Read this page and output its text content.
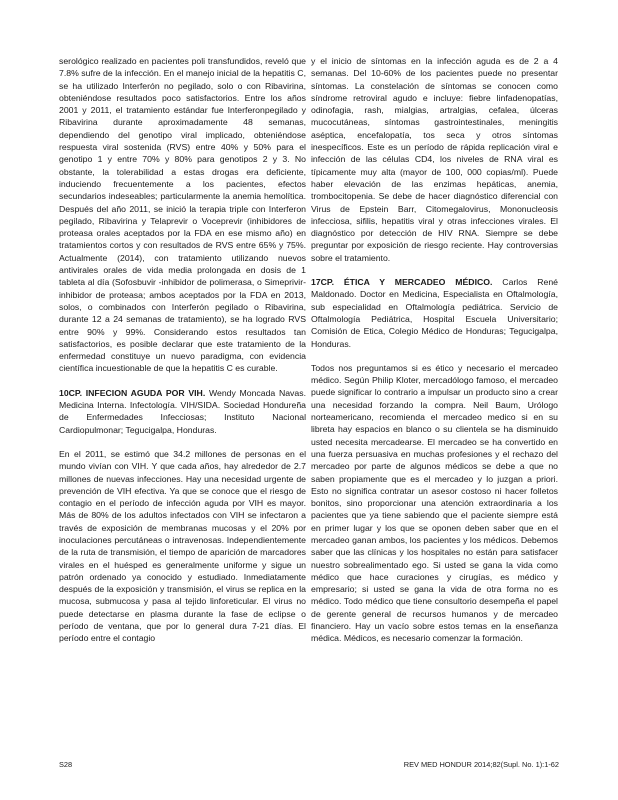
serológico realizado en pacientes poli transfundidos, reveló que 7.8% sufre de la infección. En el manejo inicial de la hepatitis C, se ha utilizado Interferón no pegilado, solo o con Ribavirina, obteniéndose resultados poco satisfactorios. Entre los años 2001 y 2011, el tratamiento estándar fue Interferonpegilado y Ribavirina durante aproximadamente 48 semanas, dependiendo del genotipo viral implicado, obteniéndose respuesta viral sostenida (RVS) entre 40% y 50% para el genotipo 1 y entre 70% y 80% para genotipos 2 y 3. No obstante, la tolerabilidad a estas drogas era deficiente, induciendo frecuentemente a los pacientes, efectos secundarios indeseables; particularmente la anemia hemolítica. Después del año 2011, se inició la terapia triple con Interferon pegilado, Ribavirina y Telaprevir o Voceprevir (inhibidores de proteasa orales aceptados por la FDA en ese mismo año) en tratamientos cortos y con resultados de RVS entre 65% y 75%. Actualmente (2014), con tratamiento utilizando nuevos antivirales orales de vida media prolongada en dosis de 1 tableta al día (Sofosbuvir -inhibidor de polimerasa, o Simeprivir-inhibidor de proteasa; ambos aceptados por la FDA en 2013, solos, o combinados con Interferón pegilado o Ribavirina, durante 12 a 24 semanas de tratamiento), se ha logrado RVS entre 90% y 99%. Considerando estos resultados tan satisfactorios, es posible declarar que este tratamiento de la enfermedad constituye un nuevo paradigma, con evidencia científica incuestionable de que la hepatitis C es curable.

10CP. INFECION AGUDA POR VIH. Wendy Moncada Navas. Medicina Interna. Infectología. VIH/SIDA. Sociedad Hondureña de Enfermedades Infecciosas; Instituto Nacional Cardiopulmonar; Tegucigalpa, Honduras.

En el 2011, se estimó que 34.2 millones de personas en el mundo vivían con VIH. Y que cada años, hay alrededor de 2.7 millones de nuevas infecciones. Hay una necesidad urgente de prevención de VIH efectiva. Ya que se conoce que el riesgo de contagio en el período de infección aguda por VIH es mayor. Más de 80% de los adultos infectados con VIH se infectaron a través de exposición de membranas mucosas y el 20% por inoculaciones percutáneas o intravenosas. Independientemente de la ruta de transmisión, el tiempo de aparición de marcadores virales en el huésped es generalmente uniforme y sigue un patrón ordenado ya conocido y estudiado. Inmediatamente después de la exposición y transmisión, el virus se replica en la mucosa, submucosa y pasa al tejido linforeticular. El virus no puede detectarse en plasma durante la fase de eclipse o período de ventana, que por lo general dura 7-21 días. El período entre el contagio

y el inicio de síntomas en la infección aguda es de 2 a 4 semanas. Del 10-60% de los pacientes puede no presentar síntomas. La constelación de síntomas se conocen como síndrome retroviral agudo e incluye: fiebre linfadenopatías, odinofagia, rash, mialgias, artralgias, cefalea, úlceras mucocutáneas, síntomas gastrointestinales, meningitis aséptica, encefalopatía, tos seca y otros síntomas inespecíficos. Este es un período de rápida replicación viral e infección de las células CD4, los niveles de RNA viral es típicamente muy alta (mayor de 100, 000 copias/ml). Puede haber elevación de las enzimas hepáticas, anemia, trombocitopenia. Se debe de hacer diagnóstico diferencial con Virus de Epstein Barr, Citomegalovirus, Mononucleosis infecciosa, sifilis, hepatitis viral y otras infecciones virales. El diagnóstico por detección de HIV RNA. Siempre se debe preguntar por exposición de riesgo reciente. Hay controversias sobre el tratamiento.

17CP. ÉTICA Y MERCADEO MÉDICO. Carlos René Maldonado. Doctor en Medicina, Especialista en Oftalmología, sub especialidad en Oftalmología pediátrica. Servicio de Oftalmología Pediátrica, Hospital Escuela Universitario; Comisión de Etica, Colegio Médico de Honduras; Tegucigalpa, Honduras.

Todos nos preguntamos si es ético y necesario el mercadeo médico. Según Philip Kloter, mercadólogo famoso, el mercadeo puede significar lo contrario a impulsar un producto sino a crear una necesidad forzando la compra. Neil Baum, Urólogo norteamericano, recomienda el mercadeo medico si en su libreta hay espacios en blanco o su clientela se ha disminuido usted necesita mercadearse. El mercadeo se ha convertido en una fuerza persuasiva en muchas profesiones y el rechazo del mercadeo por parte de algunos médicos se debe a que no saben propiamente que es el mercadeo y lo juzgan a priori. Esto no significa contratar un asesor costoso ni hacer folletos bonitos, sino proporcionar una atención extraordinaria a los pacientes que ya tiene sabiendo que el paciente siempre está en primer lugar y los que se oponen deben saber que en el mercadeo ganan ambos, los pacientes y los médicos. Debemos saber que las clínicas y los hospitales no están para satisfacer nuestro sobrealimentado ego. Si usted se gana la vida como médico que hace curaciones y cirugías, es médico y empresario; si usted se gana la vida de otra forma no es médico. Todo médico que tiene consultorio desempeña el papel de gerente general de recursos humanos y de mercadeo financiero. Hay un vacío sobre estos temas en la enseñanza médica. Médicos, es necesario comenzar la formación.

S28	REV MED HONDUR 2014;82(Supl. No. 1):1-62
